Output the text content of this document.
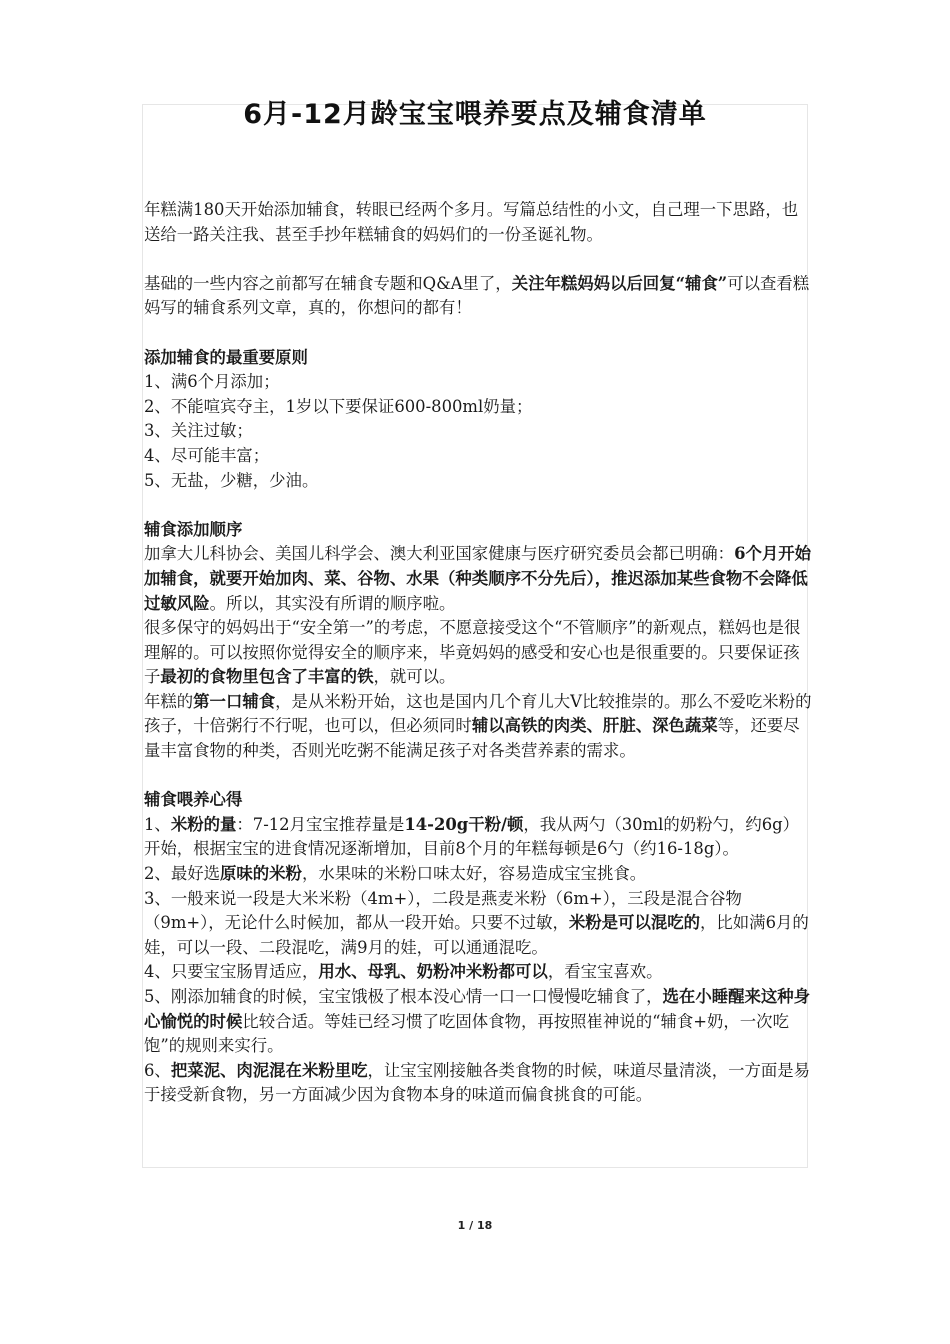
6月-12月龄宝宝喂养要点及辅食清单

年糕满180天开始添加辅食，转眼已经两个多月。写篇总结性的小文，自己理一下思路，也送给一路关注我、甚至手抄年糕辅食的妈妈们的一份圣诞礼物。

基础的一些内容之前都写在辅食专题和Q&A里了，关注年糕妈妈以后回复“辅食”可以查看糕妈写的辅食系列文章，真的，你想问的都有！

添加辅食的最重要原则

1、满6个月添加；

2、不能喧宾夺主，1岁以下要保证600-800ml奶量；

3、关注过敏；

4、尽可能丰富；

5、无盐，少糖，少油。

辅食添加顺序

加拿大儿科协会、美国儿科学会、澳大利亚国家健康与医疗研究委员会都已明确：6个月开始加辅食，就要开始加肉、菜、谷物、水果（种类顺序不分先后），推迟添加某些食物不会降低过敏风险。所以，其实没有所谓的顺序啦。

很多保守的妈妈出于“安全第一”的考虑，不愿意接受这个“不管顺序”的新观点，糕妈也是很理解的。可以按照你觉得安全的顺序来，毕竟妈妈的感受和安心也是很重要的。只要保证孩子最初的食物里包含了丰富的铁，就可以。

年糕的第一口辅食，是从米粉开始，这也是国内几个育儿大V比较推崇的。那么不爱吃米粉的孩子，十倍粥行不行呢，也可以，但必须同时辅以高铁的肉类、肝脏、深色蔬菜等，还要尽量丰富食物的种类，否则光吃粥不能满足孩子对各类营养素的需求。

辅食喂养心得

1、米粉的量：7-12月宝宝推荐量是14-20g干粉/顿，我从两勺（30ml的奶粉勺，约6g）开始，根据宝宝的进食情况逐渐增加，目前8个月的年糕每顿是6勺（约16-18g）。

2、最好选原味的米粉，水果味的米粉口味太好，容易造成宝宝挑食。

3、一般来说一段是大米米粉（4m+），二段是燕麦米粉（6m+），三段是混合谷物（9m+），无论什么时候加，都从一段开始。只要不过敏，米粉是可以混吃的，比如满6月的娃，可以一段、二段混吃，满9月的娃，可以通通混吃。

4、只要宝宝肠胃适应，用水、母乳、奶粉冲米粉都可以，看宝宝喜欢。

5、刚添加辅食的时候，宝宝饿极了根本没心情一口一口慢慢吃辅食了，选在小睡醒来这种身心愉悦的时候比较合适。等娃已经习惯了吃固体食物，再按照崔神说的“辅食+奶，一次吃饱”的规则来实行。

6、把菜泥、肉泥混在米粉里吃，让宝宝刚接触各类食物的时候，味道尽量清淡，一方面是易于接受新食物，另一方面减少因为食物本身的味道而偏食挑食的可能。

1 / 18
